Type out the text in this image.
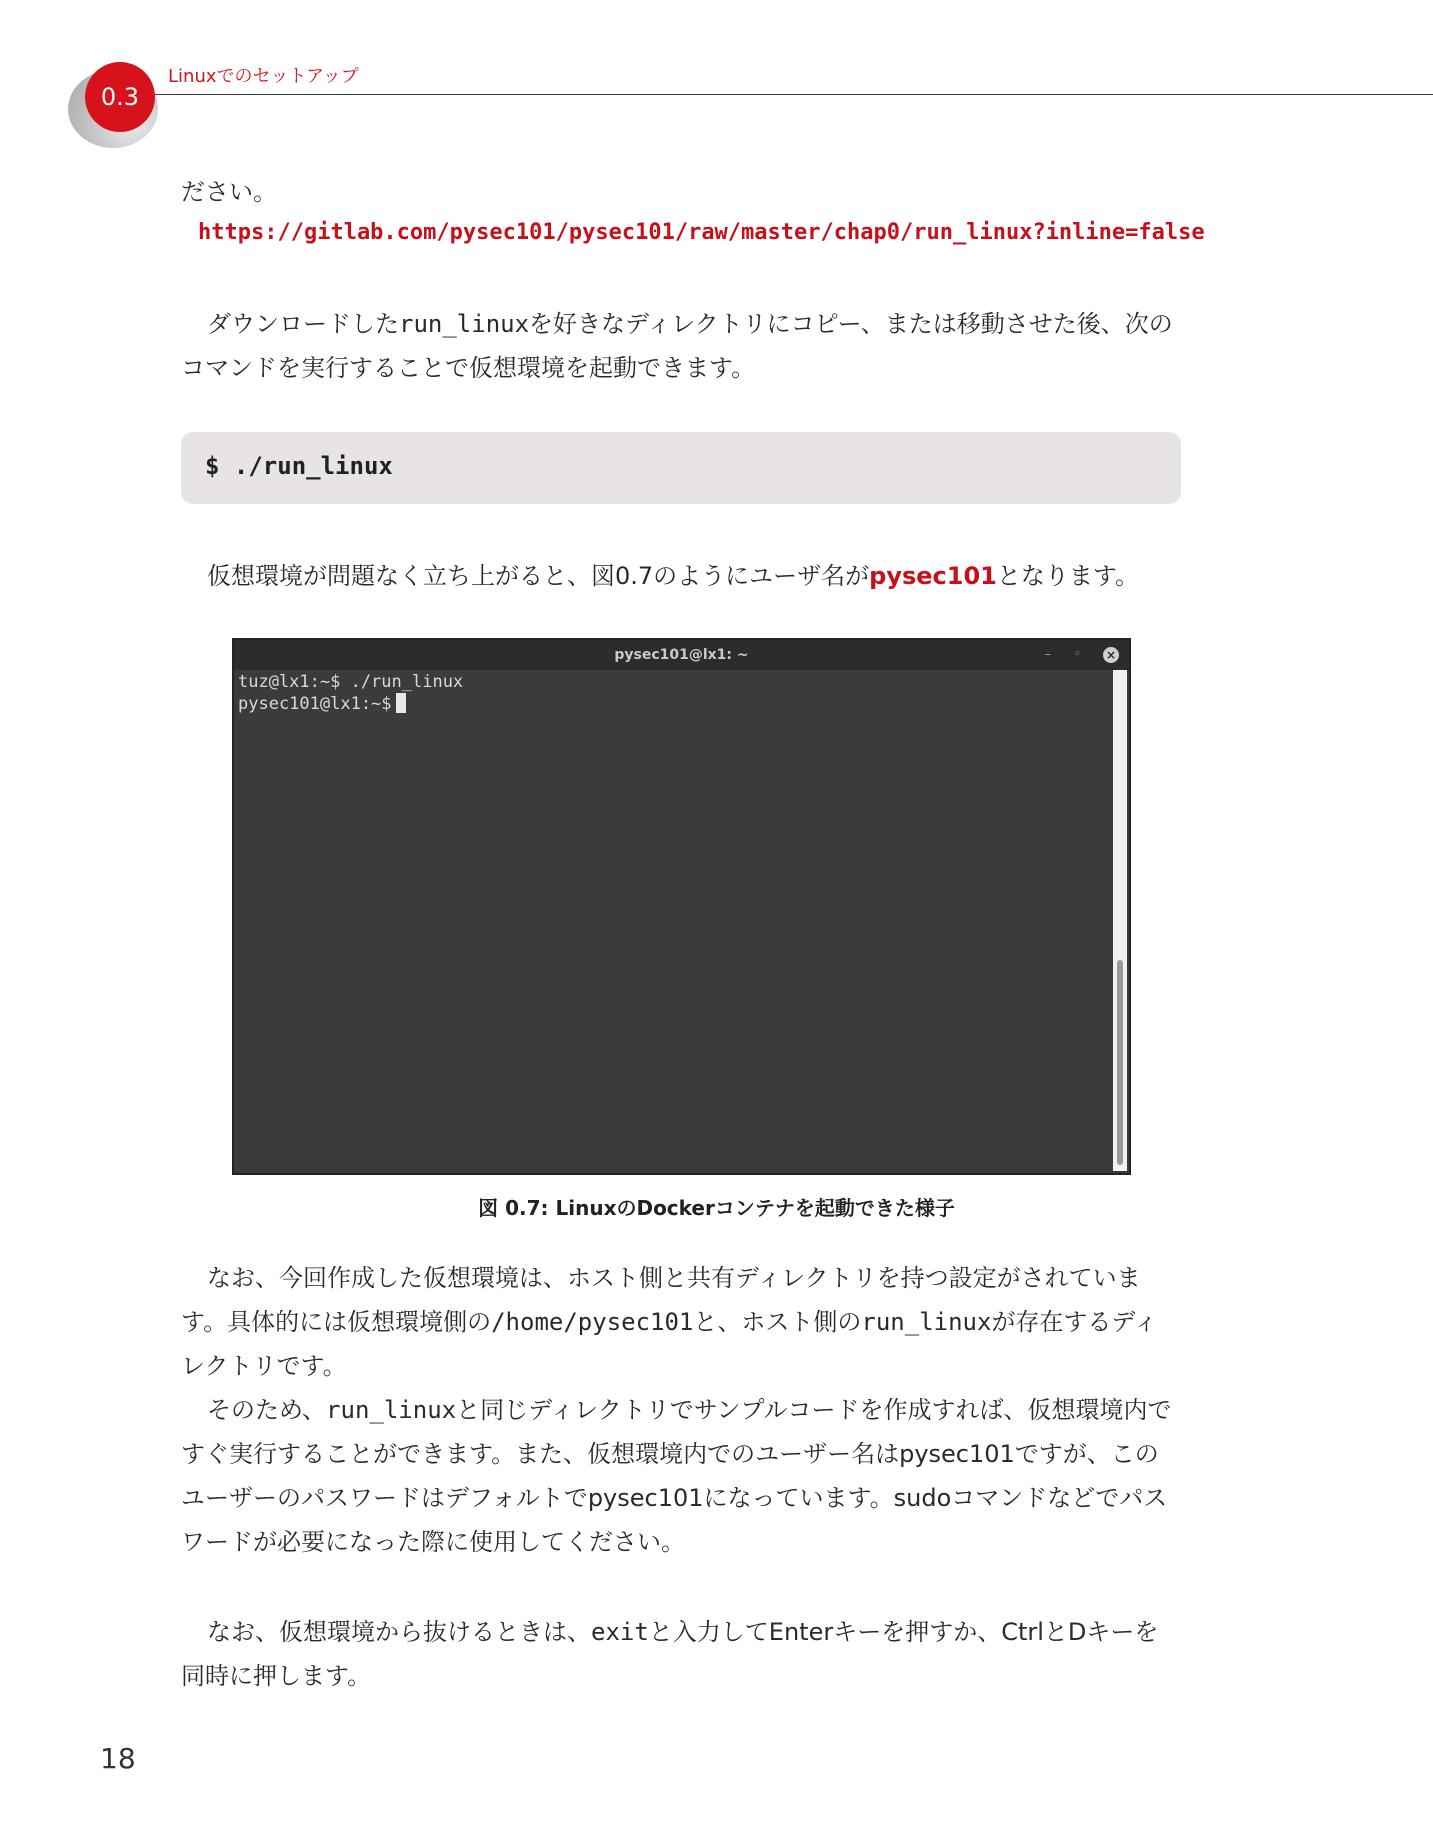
0.3
Linuxでのセットアップ

ださい。

https://gitlab.com/pysec101/pysec101/raw/master/chap0/run_linux?inline=false

ダウンロードしたrun_linuxを好きなディレクトリにコピー、または移動させた後、次のコマンドを実行することで仮想環境を起動できます。

$ ./run_linux

仮想環境が問題なく立ち上がると、図0.7のようにユーザ名がpysec101となります。

pysec101@lx1: ~	– ◦ ×
tuz@lx1:~$ ./run_linux
pysec101@lx1:~$
図 0.7: LinuxのDockerコンテナを起動できた様子

なお、今回作成した仮想環境は、ホスト側と共有ディレクトリを持つ設定がされています。具体的には仮想環境側の/home/pysec101と、ホスト側のrun_linuxが存在するディレクトリです。

そのため、run_linuxと同じディレクトリでサンプルコードを作成すれば、仮想環境内ですぐ実行することができます。また、仮想環境内でのユーザー名はpysec101ですが、このユーザーのパスワードはデフォルトでpysec101になっています。sudoコマンドなどでパスワードが必要になった際に使用してください。

なお、仮想環境から抜けるときは、exitと入力してEnterキーを押すか、CtrlとDキーを同時に押します。

18
